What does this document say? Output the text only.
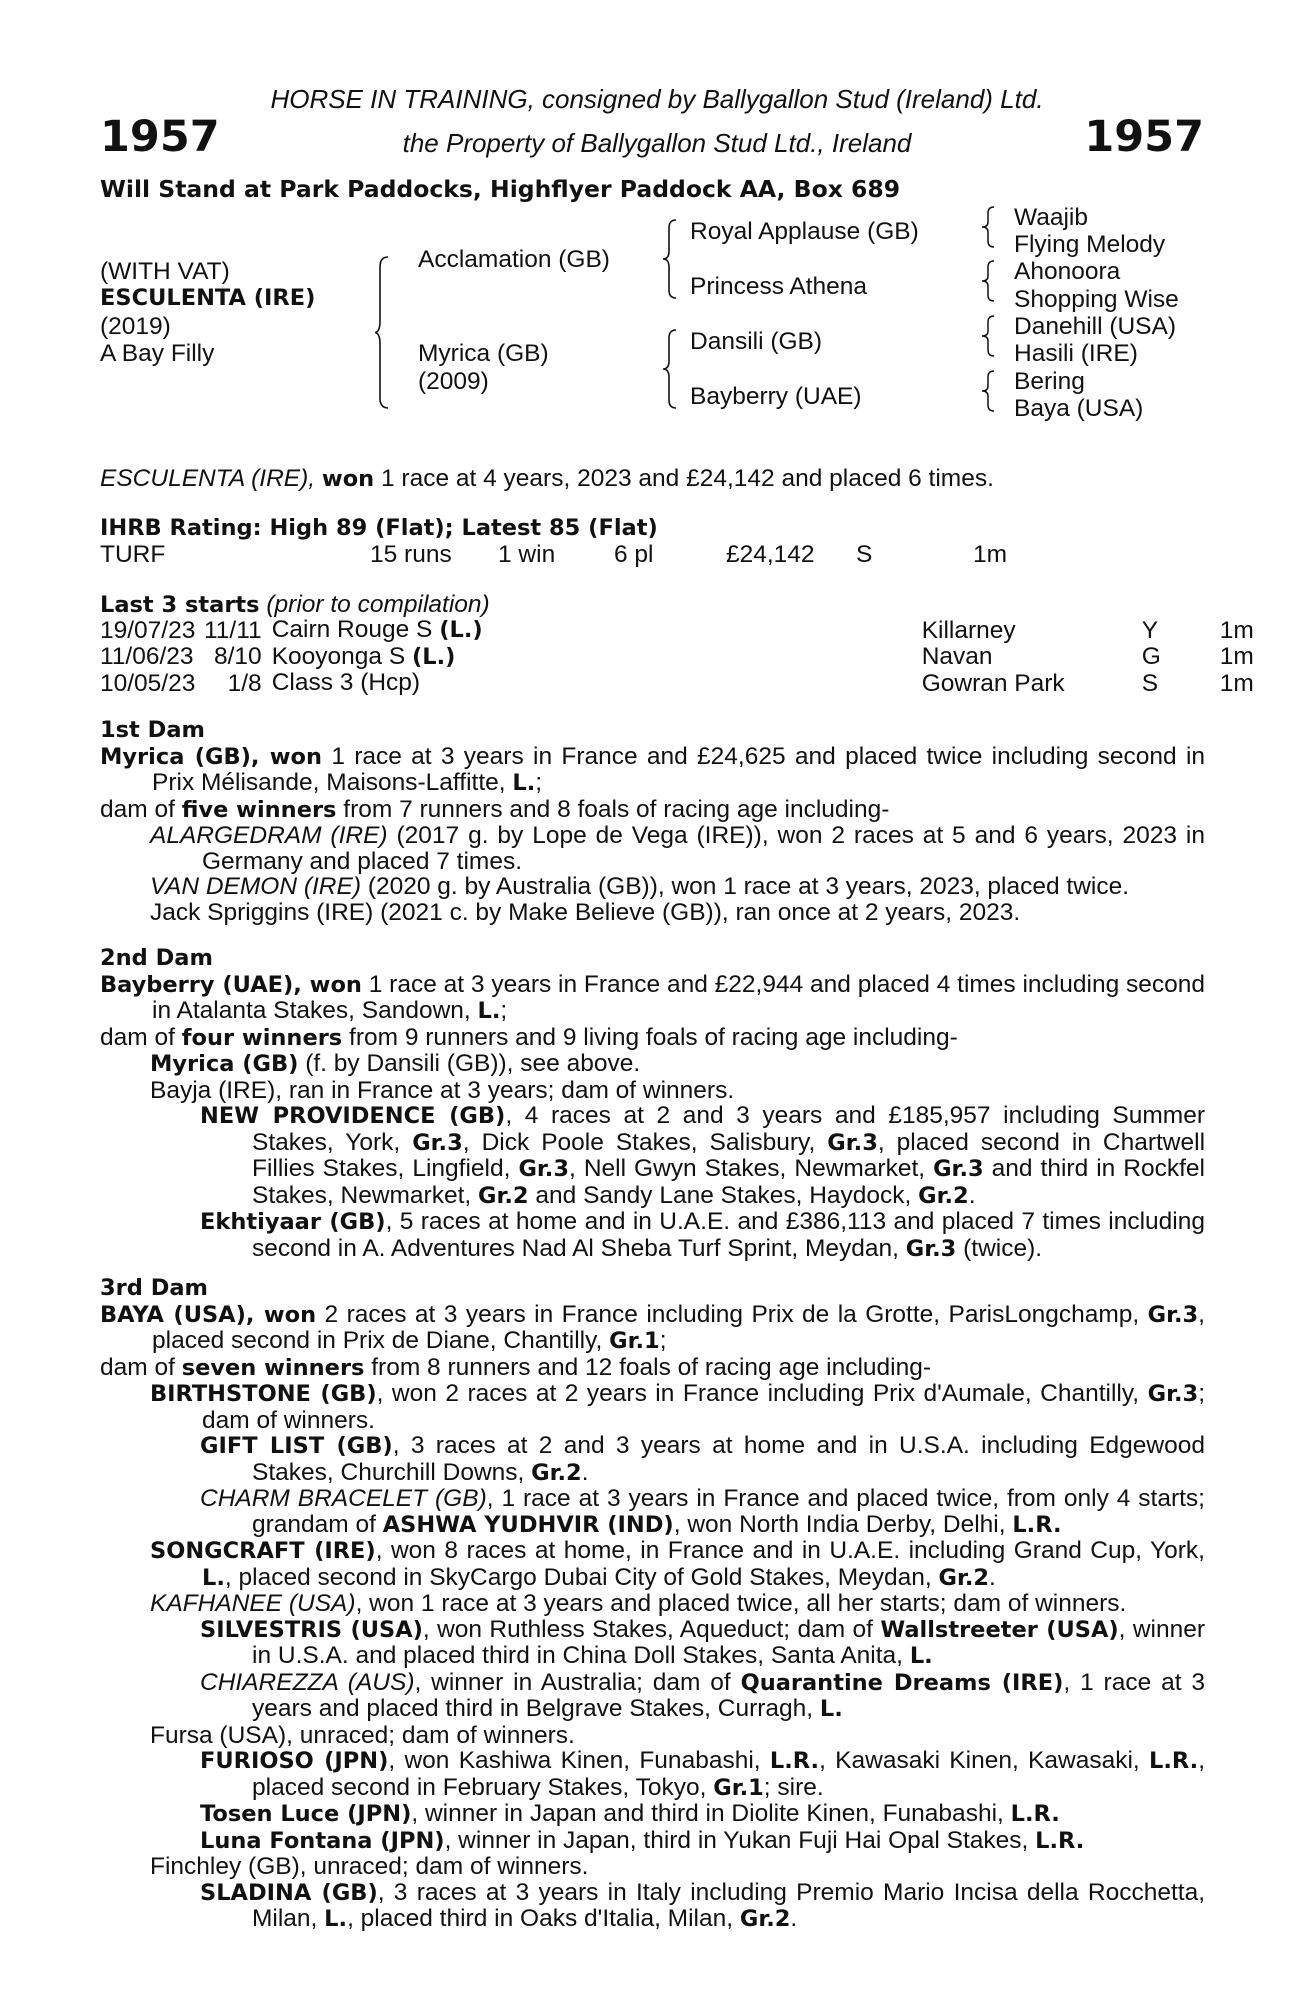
1957	1957
HORSE IN TRAINING, consigned by Ballygallon Stud (Ireland) Ltd.
the Property of Ballygallon Stud Ltd., Ireland
Will Stand at Park Paddocks, Highflyer Paddock AA, Box 689
(WITH VAT)
ESCULENTA (IRE)
(2019)
A Bay Filly
Acclamation (GB)
Myrica (GB)
(2009)
Royal Applause (GB)
Princess Athena
Dansili (GB)
Bayberry (UAE)
Waajib
Flying Melody
Ahonoora
Shopping Wise
Danehill (USA)
Hasili (IRE)
Bering
Baya (USA)
ESCULENTA (IRE), won 1 race at 4 years, 2023 and £24,142 and placed 6 times.
IHRB Rating: High 89 (Flat); Latest 85 (Flat)
TURF	15 runs 1 win 6 pl	£24,142 S	1m
Last 3 starts (prior to compilation)
19/07/23	11/11	Cairn Rouge S (L.)		Killarney	Y	1m
11/06/23	8/10	Kooyonga S (L.)		Navan	G	1m
10/05/23	1/8	Class 3 (Hcp)		Gowran Park	S	1m
1st Dam

Myrica (GB), won 1 race at 3 years in France and £24,625 and placed twice including second in Prix Mélisande, Maisons-Laffitte, L.;

dam of five winners from 7 runners and 8 foals of racing age including-

ALARGEDRAM (IRE) (2017 g. by Lope de Vega (IRE)), won 2 races at 5 and 6 years, 2023 in Germany and placed 7 times.

VAN DEMON (IRE) (2020 g. by Australia (GB)), won 1 race at 3 years, 2023, placed twice.

Jack Spriggins (IRE) (2021 c. by Make Believe (GB)), ran once at 2 years, 2023.

2nd Dam

Bayberry (UAE), won 1 race at 3 years in France and £22,944 and placed 4 times including second in Atalanta Stakes, Sandown, L.;

dam of four winners from 9 runners and 9 living foals of racing age including-

Myrica (GB) (f. by Dansili (GB)), see above.

Bayja (IRE), ran in France at 3 years; dam of winners.

NEW PROVIDENCE (GB), 4 races at 2 and 3 years and £185,957 including Summer Stakes, York, Gr.3, Dick Poole Stakes, Salisbury, Gr.3, placed second in Chartwell Fillies Stakes, Lingfield, Gr.3, Nell Gwyn Stakes, Newmarket, Gr.3 and third in Rockfel Stakes, Newmarket, Gr.2 and Sandy Lane Stakes, Haydock, Gr.2.

Ekhtiyaar (GB), 5 races at home and in U.A.E. and £386,113 and placed 7 times including second in A. Adventures Nad Al Sheba Turf Sprint, Meydan, Gr.3 (twice).

3rd Dam

BAYA (USA), won 2 races at 3 years in France including Prix de la Grotte, ParisLongchamp, Gr.3, placed second in Prix de Diane, Chantilly, Gr.1;

dam of seven winners from 8 runners and 12 foals of racing age including-

BIRTHSTONE (GB), won 2 races at 2 years in France including Prix d'Aumale, Chantilly, Gr.3; dam of winners.

GIFT LIST (GB), 3 races at 2 and 3 years at home and in U.S.A. including Edgewood Stakes, Churchill Downs, Gr.2.

CHARM BRACELET (GB), 1 race at 3 years in France and placed twice, from only 4 starts; grandam of ASHWA YUDHVIR (IND), won North India Derby, Delhi, L.R.

SONGCRAFT (IRE), won 8 races at home, in France and in U.A.E. including Grand Cup, York, L., placed second in SkyCargo Dubai City of Gold Stakes, Meydan, Gr.2.

KAFHANEE (USA), won 1 race at 3 years and placed twice, all her starts; dam of winners.

SILVESTRIS (USA), won Ruthless Stakes, Aqueduct; dam of Wallstreeter (USA), winner in U.S.A. and placed third in China Doll Stakes, Santa Anita, L.

CHIAREZZA (AUS), winner in Australia; dam of Quarantine Dreams (IRE), 1 race at 3 years and placed third in Belgrave Stakes, Curragh, L.

Fursa (USA), unraced; dam of winners.

FURIOSO (JPN), won Kashiwa Kinen, Funabashi, L.R., Kawasaki Kinen, Kawasaki, L.R., placed second in February Stakes, Tokyo, Gr.1; sire.

Tosen Luce (JPN), winner in Japan and third in Diolite Kinen, Funabashi, L.R.

Luna Fontana (JPN), winner in Japan, third in Yukan Fuji Hai Opal Stakes, L.R.

Finchley (GB), unraced; dam of winners.

SLADINA (GB), 3 races at 3 years in Italy including Premio Mario Incisa della Rocchetta, Milan, L., placed third in Oaks d'Italia, Milan, Gr.2.
